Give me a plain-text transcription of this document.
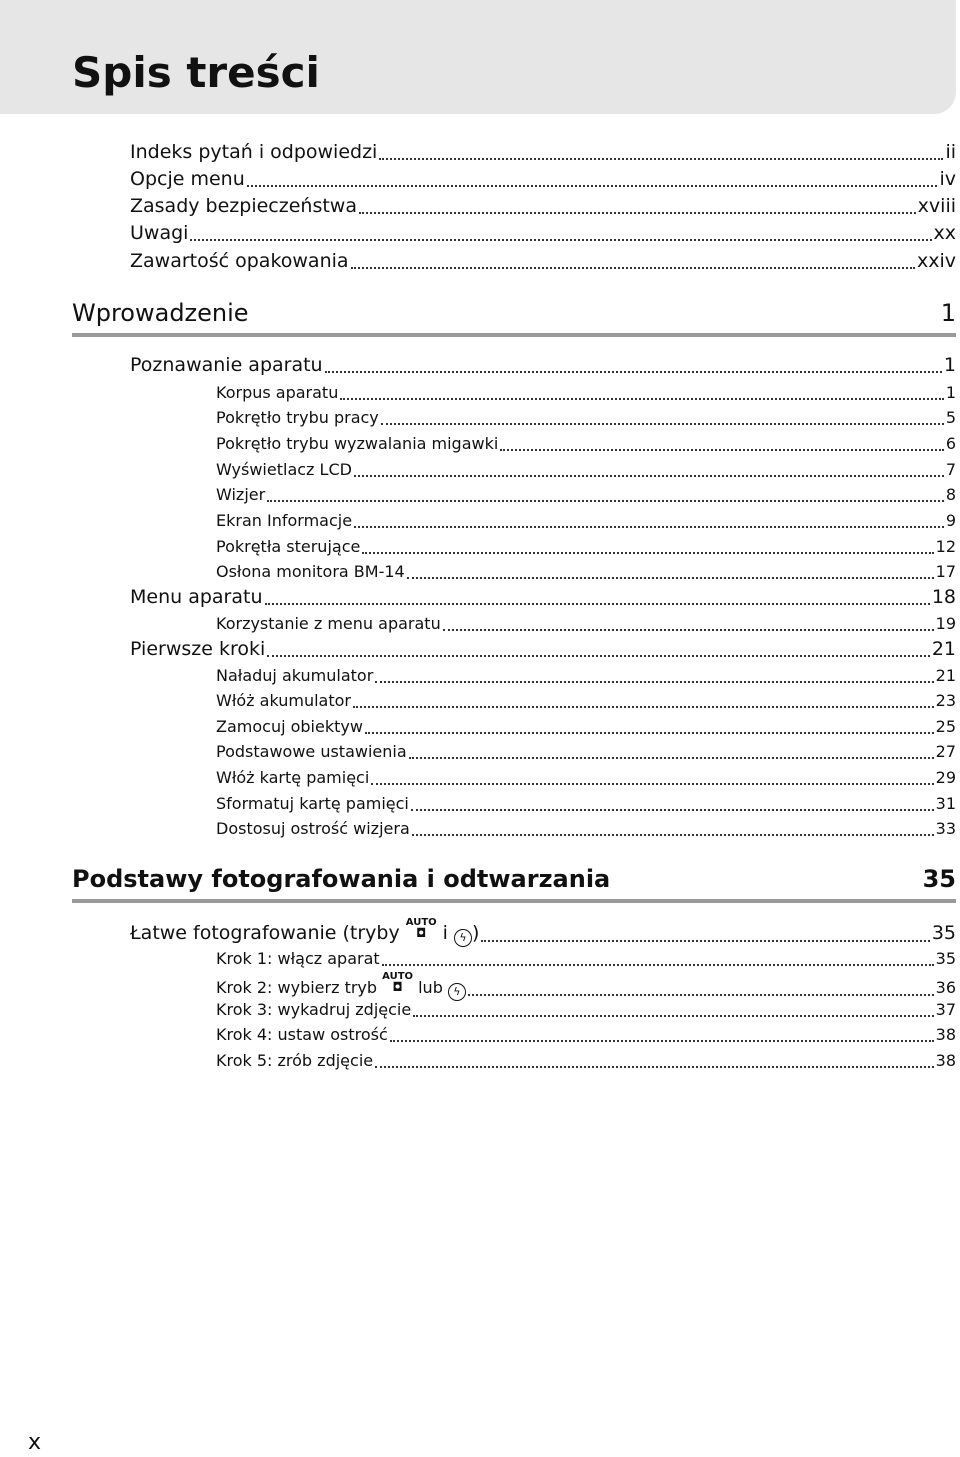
Spis treści
Indeks pytań i odpowiedzi	ii
Opcje menu	iv
Zasady bezpieczeństwa	xviii
Uwagi	xx
Zawartość opakowania	xxiv
Wprowadzenie	1
Poznawanie aparatu	1
Korpus aparatu	1
Pokrętło trybu pracy	5
Pokrętło trybu wyzwalania migawki	6
Wyświetlacz LCD	7
Wizjer	8
Ekran Informacje	9
Pokrętła sterujące	12
Osłona monitora BM-14	17
Menu aparatu	18
Korzystanie z menu aparatu	19
Pierwsze kroki	21
Naładuj akumulator	21
Włóż akumulator	23
Zamocuj obiektyw	25
Podstawowe ustawienia	27
Włóż kartę pamięci	29
Sformatuj kartę pamięci	31
Dostosuj ostrość wizjera	33
Podstawy fotografowania i odtwarzania	35
Łatwe fotografowanie (tryby AUTO
◘ i ϟ )	35
Krok 1: włącz aparat	35
Krok 2: wybierz tryb AUTO
◘ lub ϟ	36
Krok 3: wykadruj zdjęcie	37
Krok 4: ustaw ostrość	38
Krok 5: zrób zdjęcie	38
x
